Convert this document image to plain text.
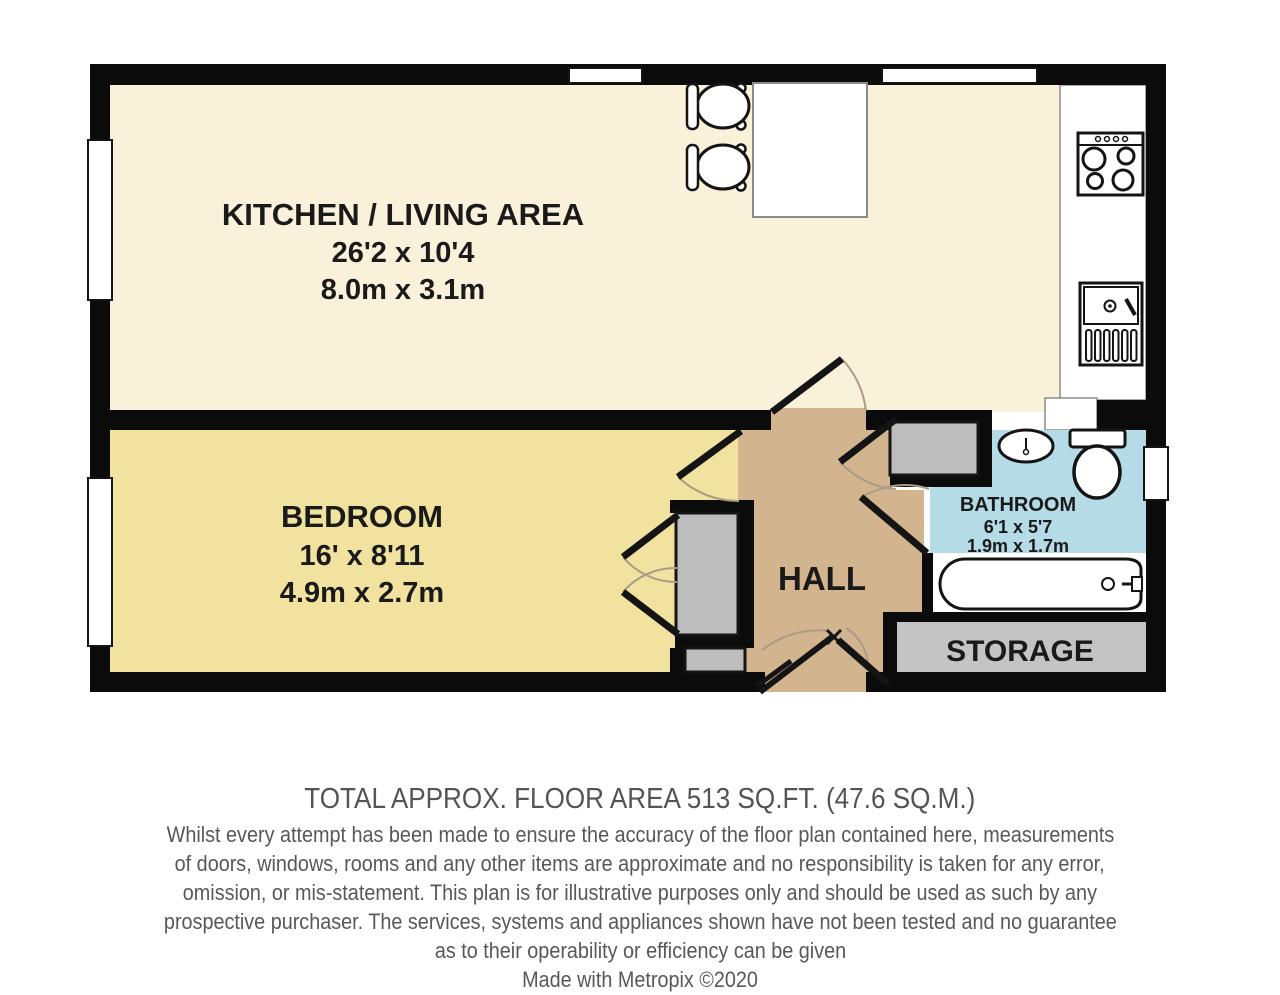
KITCHEN / LIVING AREA
26'2 x 10'4
8.0m x 3.1m
BEDROOM
16' x 8'11
4.9m x 2.7m	HALL
BATHROOM
6'1 x 5'7
1.9m x 1.7m
STORAGE
TOTAL APPROX. FLOOR AREA 513 SQ.FT. (47.6 SQ.M.)
Whilst every attempt has been made to ensure the accuracy of the floor plan contained here, measurements
of doors, windows, rooms and any other items are approximate and no responsibility is taken for any error,
omission, or mis-statement. This plan is for illustrative purposes only and should be used as such by any
prospective purchaser. The services, systems and appliances shown have not been tested and no guarantee
as to their operability or efficiency can be given
Made with Metropix ©2020
